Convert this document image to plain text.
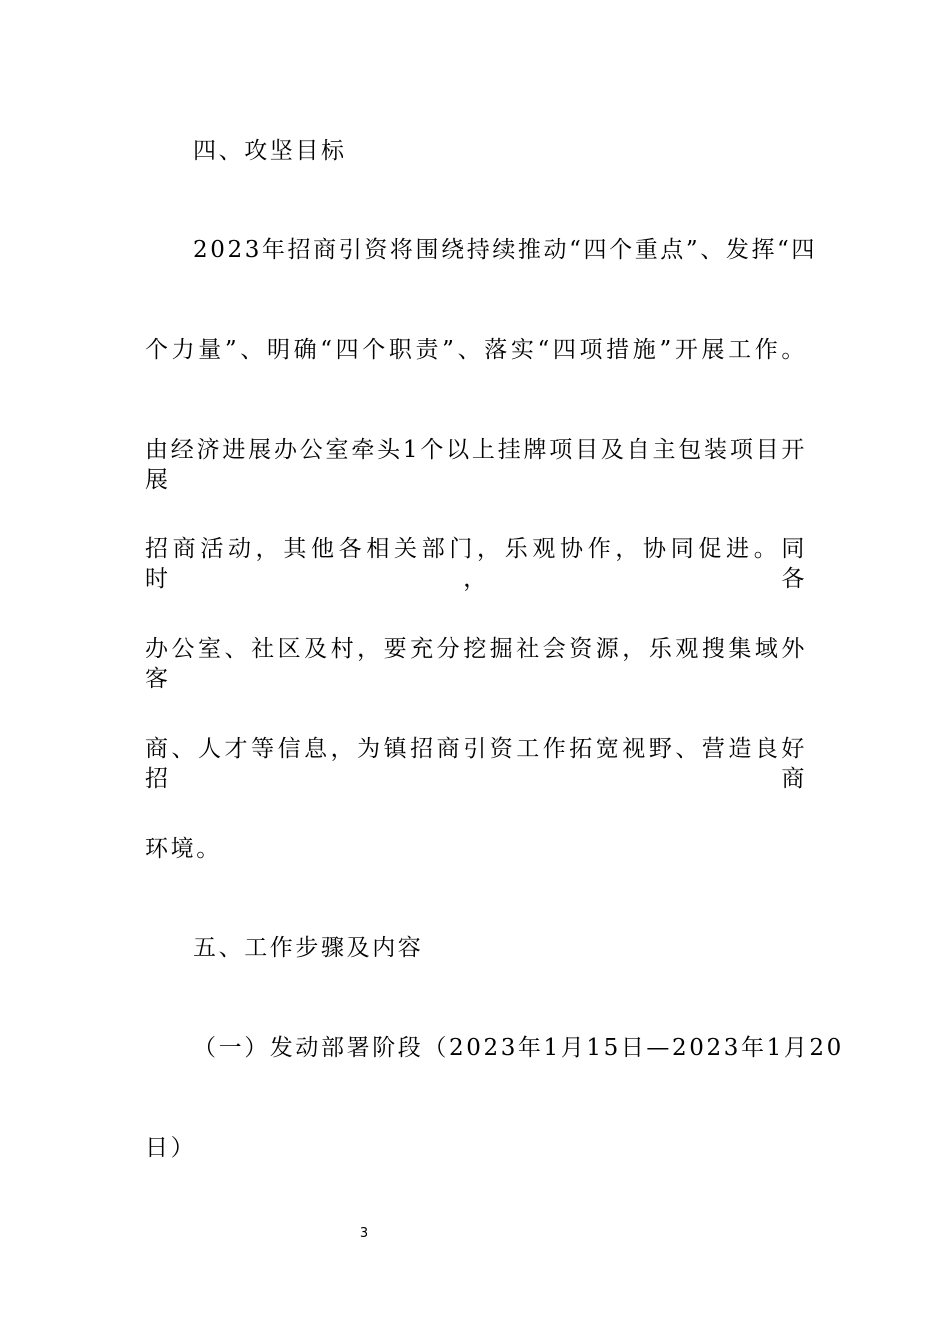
四、攻坚目标
2023年招商引资将围绕持续推动“四个重点”、发挥“四
个力量”、明确“四个职责”、落实“四项措施”开展工作。
由经济进展办公室牵头1个以上挂牌项目及自主包装项目开展
招商活动，其他各相关部门，乐观协作，协同促进。同时，各
办公室、社区及村，要充分挖掘社会资源，乐观搜集域外客
商、人才等信息，为镇招商引资工作拓宽视野、营造良好招商
环境。
五、工作步骤及内容
（一）发动部署阶段（2023年1月15日—2023年1月20
日）
3
